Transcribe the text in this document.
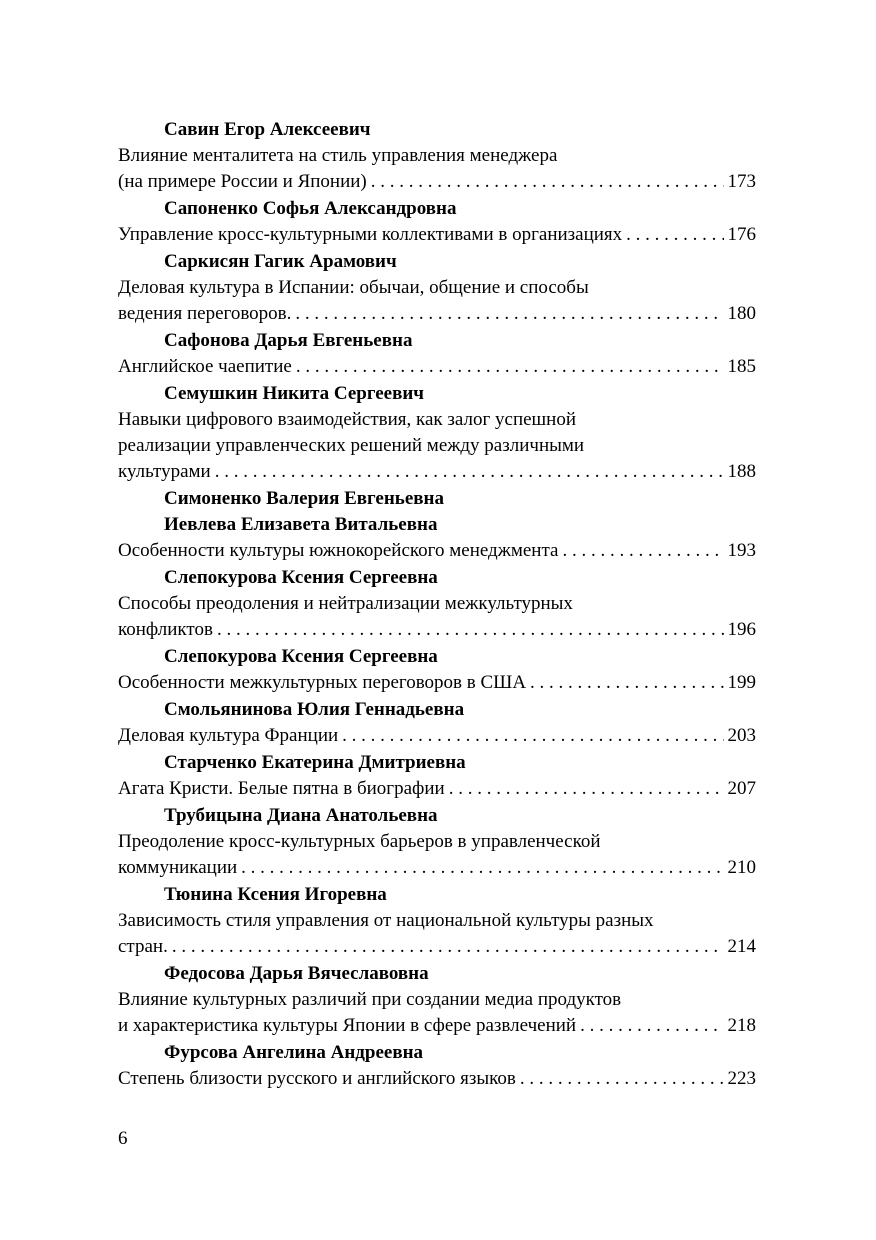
Савин Егор Алексеевич
Влияние менталитета на стиль управления менеджера
(на примере России и Японии) . . .	173
Сапоненко Софья Александровна
Управление кросс-культурными коллективами в организациях . . .	176
Саркисян Гагик Арамович
Деловая культура в Испании: обычаи, общение и способы
ведения переговоров. . . .	180
Сафонова Дарья Евгеньевна
Английское чаепитие . . .	185
Семушкин Никита Сергеевич
Навыки цифрового взаимодействия, как залог успешной
реализации управленческих решений между различными
культурами . . .	188
Симоненко Валерия Евгеньевна
Иевлева Елизавета Витальевна
Особенности культуры южнокорейского менеджмента . . .	193
Слепокурова Ксения Сергеевна
Способы преодоления и нейтрализации межкультурных
конфликтов . . .	196
Слепокурова Ксения Сергеевна
Особенности межкультурных переговоров в США . . .	199
Смольянинова Юлия Геннадьевна
Деловая культура Франции . . .	203
Старченко Екатерина Дмитриевна
Агата Кристи. Белые пятна в биографии . . .	207
Трубицына Диана Анатольевна
Преодоление кросс-культурных барьеров в управленческой
коммуникации . . .	210
Тюнина Ксения Игоревна
Зависимость стиля управления от национальной культуры разных
стран. . . .	214
Федосова Дарья Вячеславовна
Влияние культурных различий при создании медиа продуктов
и характеристика культуры Японии в сфере развлечений . . .	218
Фурсова Ангелина Андреевна
Степень близости русского и английского языков . . .	223
6
